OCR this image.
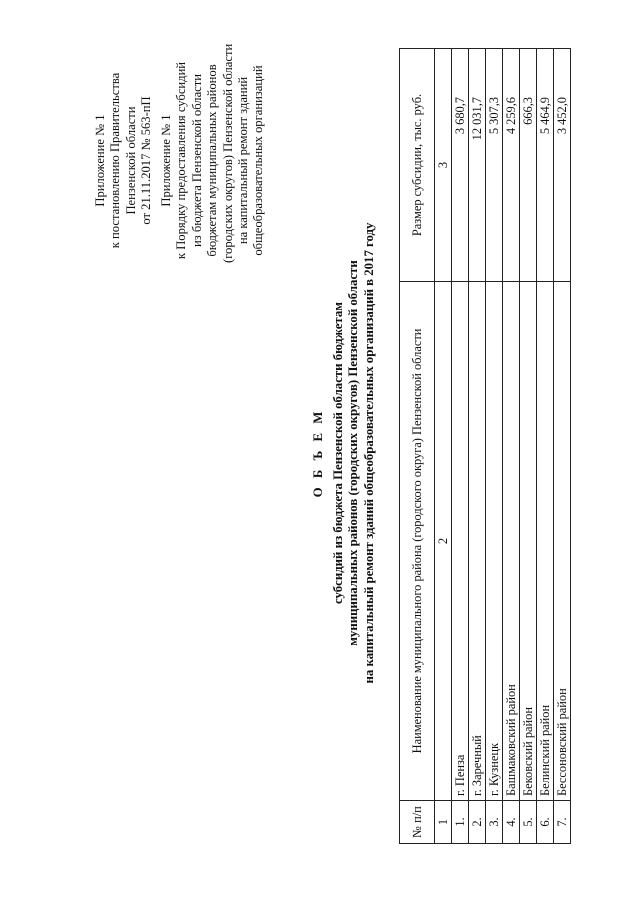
Приложение № 1 к постановлению Правительства Пензенской области от 21.11.2017 № 563-пП Приложение № 1 к Порядку предоставления субсидий из бюджета Пензенской области бюджетам муниципальных районов (городских округов) Пензенской области на капитальный ремонт зданий общеобразовательных организаций
О Б Ъ Е М субсидий из бюджета Пензенской области бюджетам муниципальных районов (городских округов) Пензенской области на капитальный ремонт зданий общеобразовательных организаций в 2017 году
№ п/п	Наименование муниципального района (городского округа) Пензенской области	Размер субсидии, тыс. руб.
1	2	3
1.	г. Пенза	3 680,7
2.	г. Заречный	12 031,7
3.	г. Кузнецк	5 307,3
4.	Башмаковский район	4 259,6
5.	Бековский район	666,3
6.	Белинский район	5 464,9
7.	Бессоновский район	3 452,0
